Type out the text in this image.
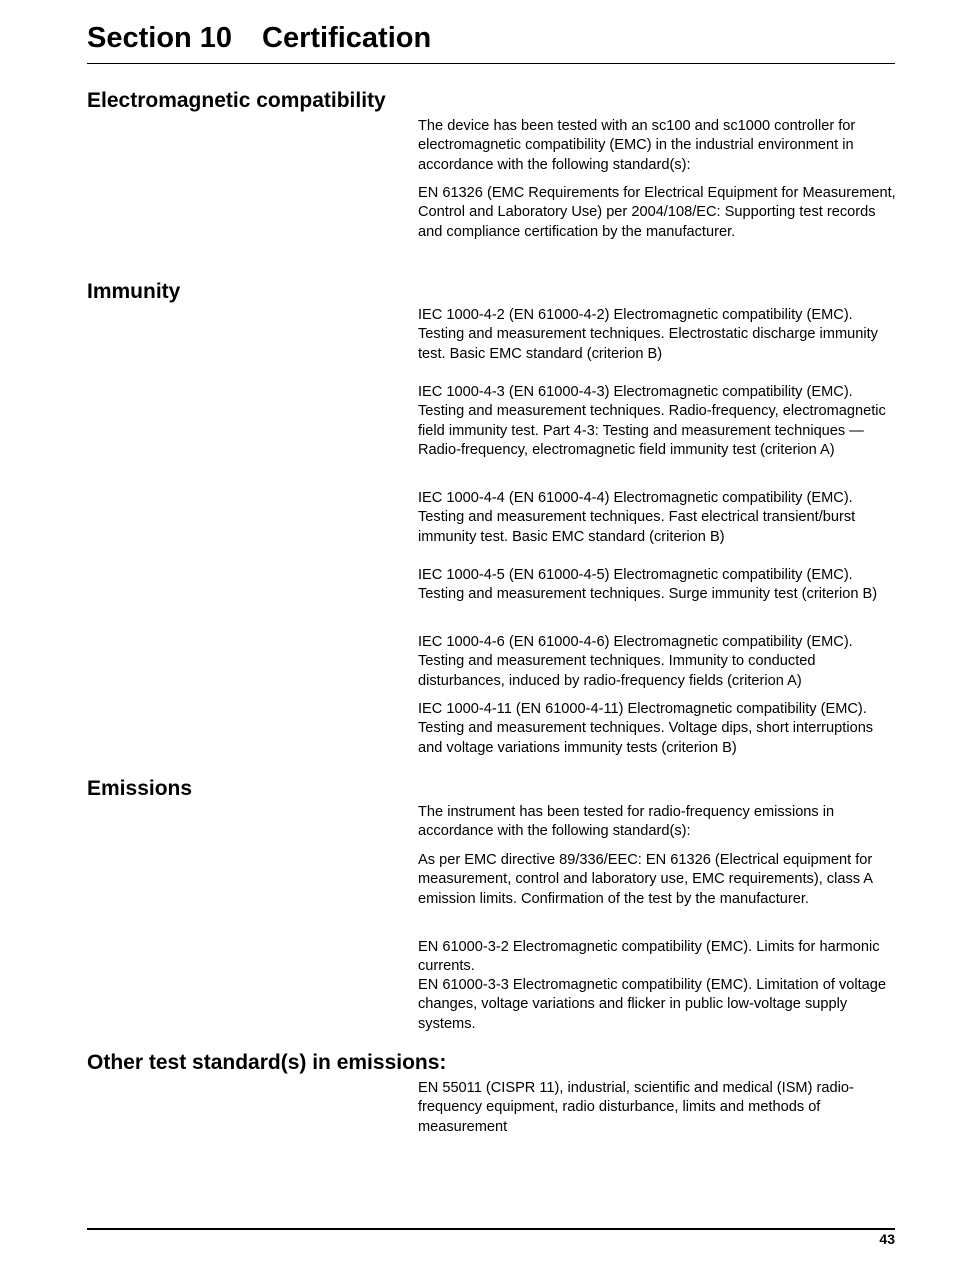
Section 10 Certification
Electromagnetic compatibility

The device has been tested with an sc100 and sc1000 controller for electromagnetic compatibility (EMC) in the industrial environment in accordance with the following standard(s):

EN 61326 (EMC Requirements for Electrical Equipment for Measurement, Control and Laboratory Use) per 2004/108/EC: Supporting test records and compliance certification by the manufacturer.

Immunity

IEC 1000-4-2 (EN 61000-4-2) Electromagnetic compatibility (EMC). Testing and measurement techniques. Electrostatic discharge immunity test. Basic EMC standard (criterion B)

IEC 1000-4-3 (EN 61000-4-3) Electromagnetic compatibility (EMC). Testing and measurement techniques. Radio-frequency, electromagnetic field immunity test. Part 4-3: Testing and measurement techniques — Radio-frequency, electromagnetic field immunity test (criterion A)

IEC 1000-4-4 (EN 61000-4-4) Electromagnetic compatibility (EMC). Testing and measurement techniques. Fast electrical transient/burst immunity test. Basic EMC standard (criterion B)

IEC 1000-4-5 (EN 61000-4-5) Electromagnetic compatibility (EMC). Testing and measurement techniques. Surge immunity test (criterion B)

IEC 1000-4-6 (EN 61000-4-6) Electromagnetic compatibility (EMC). Testing and measurement techniques. Immunity to conducted disturbances, induced by radio-frequency fields (criterion A)

IEC 1000-4-11 (EN 61000-4-11) Electromagnetic compatibility (EMC). Testing and measurement techniques. Voltage dips, short interruptions and voltage variations immunity tests (criterion B)

Emissions

The instrument has been tested for radio-frequency emissions in accordance with the following standard(s):

As per EMC directive 89/336/EEC: EN 61326 (Electrical equipment for measurement, control and laboratory use, EMC requirements), class A emission limits. Confirmation of the test by the manufacturer.

EN 61000-3-2 Electromagnetic compatibility (EMC). Limits for harmonic currents.

EN 61000-3-3 Electromagnetic compatibility (EMC). Limitation of voltage changes, voltage variations and flicker in public low-voltage supply systems.

Other test standard(s) in emissions:

EN 55011 (CISPR 11), industrial, scientific and medical (ISM) radio-frequency equipment, radio disturbance, limits and methods of measurement

43
